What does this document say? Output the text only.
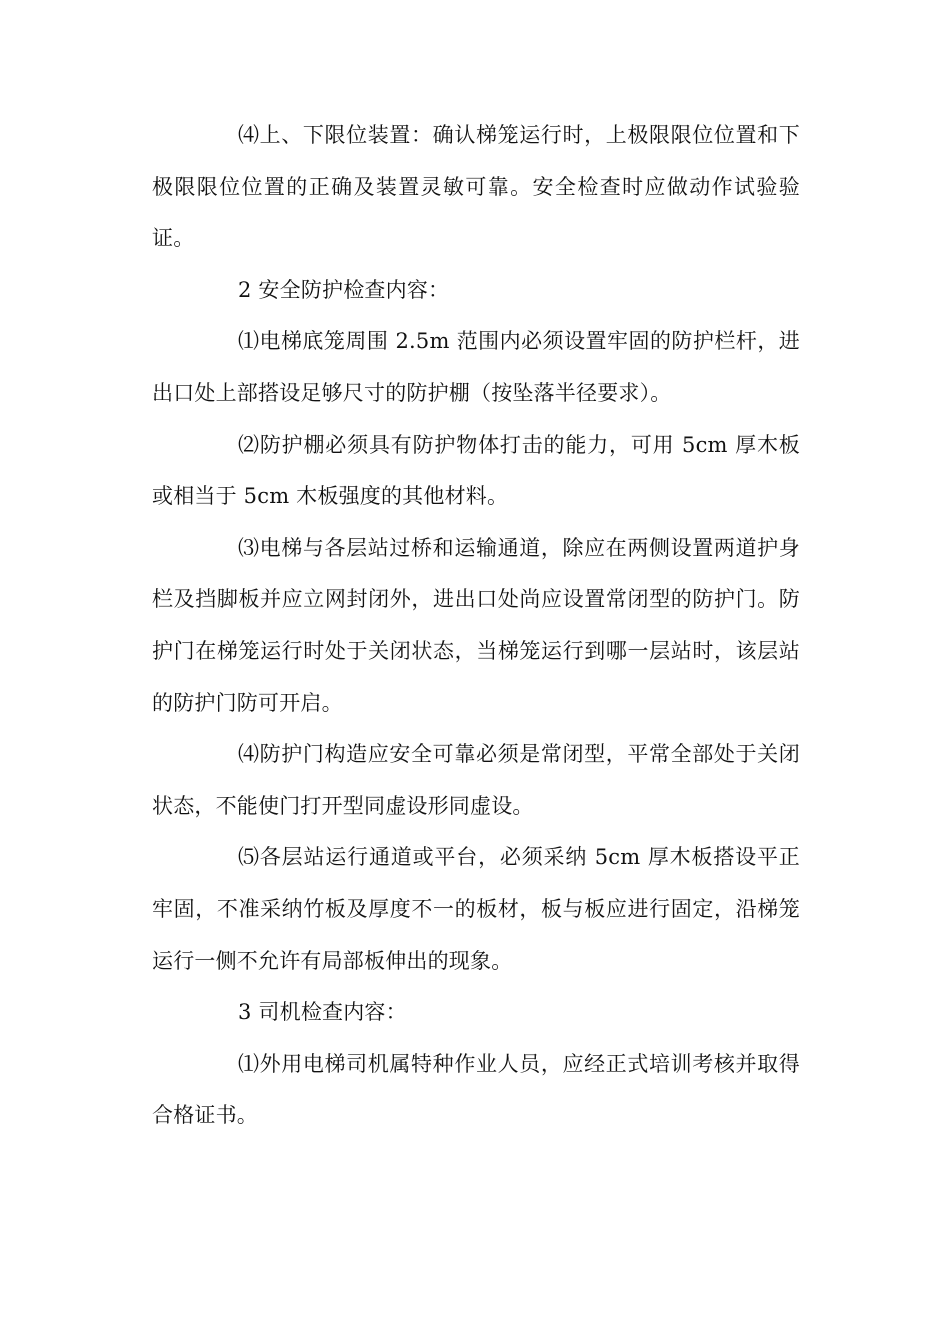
⑷上、下限位装置：确认梯笼运行时，上极限限位位置和下极限限位位置的正确及装置灵敏可靠。安全检查时应做动作试验验证。

2 安全防护检查内容：

⑴电梯底笼周围 2.5m 范围内必须设置牢固的防护栏杆，进出口处上部搭设足够尺寸的防护棚（按坠落半径要求）。

⑵防护棚必须具有防护物体打击的能力，可用 5cm 厚木板或相当于 5cm 木板强度的其他材料。

⑶电梯与各层站过桥和运输通道，除应在两侧设置两道护身栏及挡脚板并应立网封闭外，进出口处尚应设置常闭型的防护门。防护门在梯笼运行时处于关闭状态，当梯笼运行到哪一层站时，该层站的防护门防可开启。

⑷防护门构造应安全可靠必须是常闭型，平常全部处于关闭状态，不能使门打开型同虚设形同虚设。

⑸各层站运行通道或平台，必须采纳 5cm 厚木板搭设平正牢固，不准采纳竹板及厚度不一的板材，板与板应进行固定，沿梯笼运行一侧不允许有局部板伸出的现象。

3 司机检查内容：

⑴外用电梯司机属特种作业人员，应经正式培训考核并取得合格证书。
